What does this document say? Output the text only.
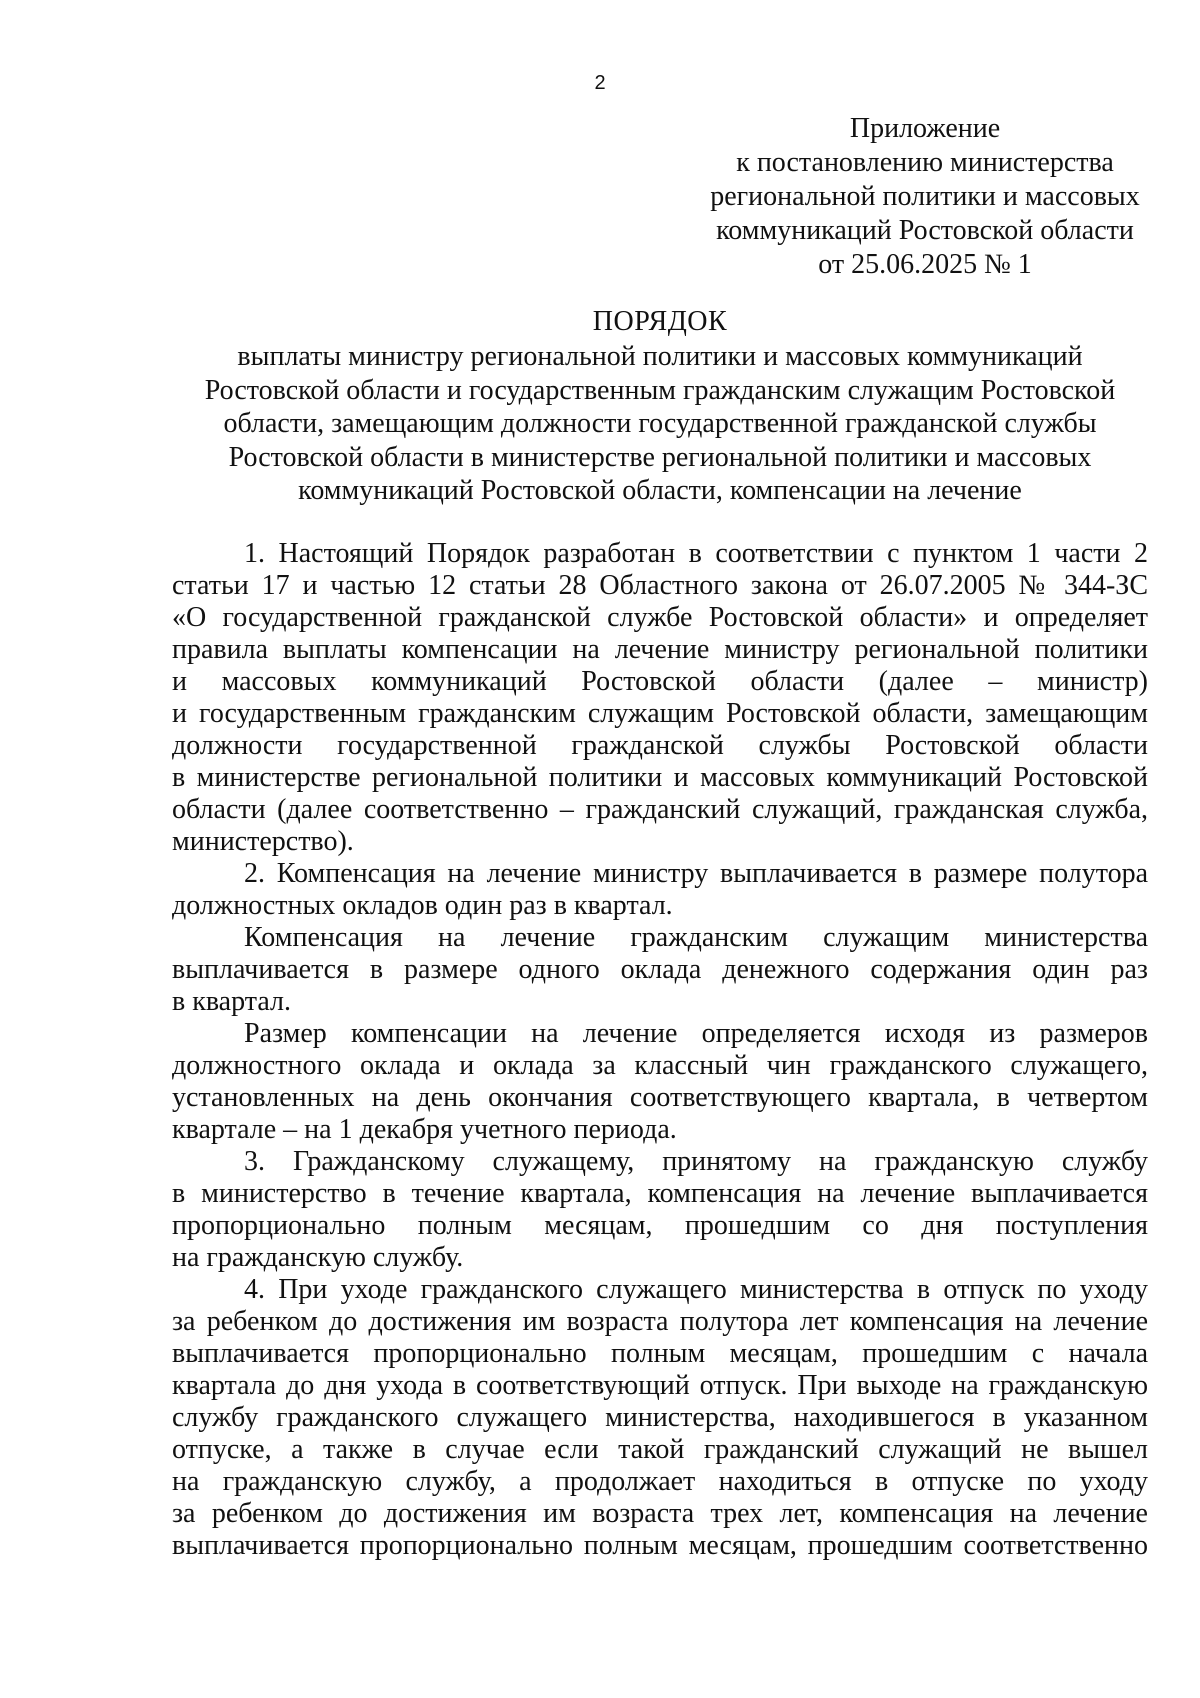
2
Приложение
к постановлению министерства
региональной политики и массовых
коммуникаций Ростовской области
от 25.06.2025 № 1
ПОРЯДОК
выплаты министру региональной политики и массовых коммуникаций
Ростовской области и государственным гражданским служащим Ростовской
области, замещающим должности государственной гражданской службы
Ростовской области в министерстве региональной политики и массовых
коммуникаций Ростовской области, компенсации на лечение
1. Настоящий Порядок разработан в соответствии с пунктом 1 части 2
статьи 17 и частью 12 статьи 28 Областного закона от 26.07.2005 № 344-ЗС
«О государственной гражданской службе Ростовской области» и определяет
правила выплаты компенсации на лечение министру региональной политики
и массовых коммуникаций Ростовской области (далее – министр)
и государственным гражданским служащим Ростовской области, замещающим
должности государственной гражданской службы Ростовской области
в министерстве региональной политики и массовых коммуникаций Ростовской
области (далее соответственно – гражданский служащий, гражданская служба,
министерство).
2. Компенсация на лечение министру выплачивается в размере полутора
должностных окладов один раз в квартал.
Компенсация на лечение гражданским служащим министерства
выплачивается в размере одного оклада денежного содержания один раз
в квартал.
Размер компенсации на лечение определяется исходя из размеров
должностного оклада и оклада за классный чин гражданского служащего,
установленных на день окончания соответствующего квартала, в четвертом
квартале – на 1 декабря учетного периода.
3. Гражданскому служащему, принятому на гражданскую службу
в министерство в течение квартала, компенсация на лечение выплачивается
пропорционально полным месяцам, прошедшим со дня поступления
на гражданскую службу.
4. При уходе гражданского служащего министерства в отпуск по уходу
за ребенком до достижения им возраста полутора лет компенсация на лечение
выплачивается пропорционально полным месяцам, прошедшим с начала
квартала до дня ухода в соответствующий отпуск. При выходе на гражданскую
службу гражданского служащего министерства, находившегося в указанном
отпуске, а также в случае если такой гражданский служащий не вышел
на гражданскую службу, а продолжает находиться в отпуске по уходу
за ребенком до достижения им возраста трех лет, компенсация на лечение
выплачивается пропорционально полным месяцам, прошедшим соответственно
